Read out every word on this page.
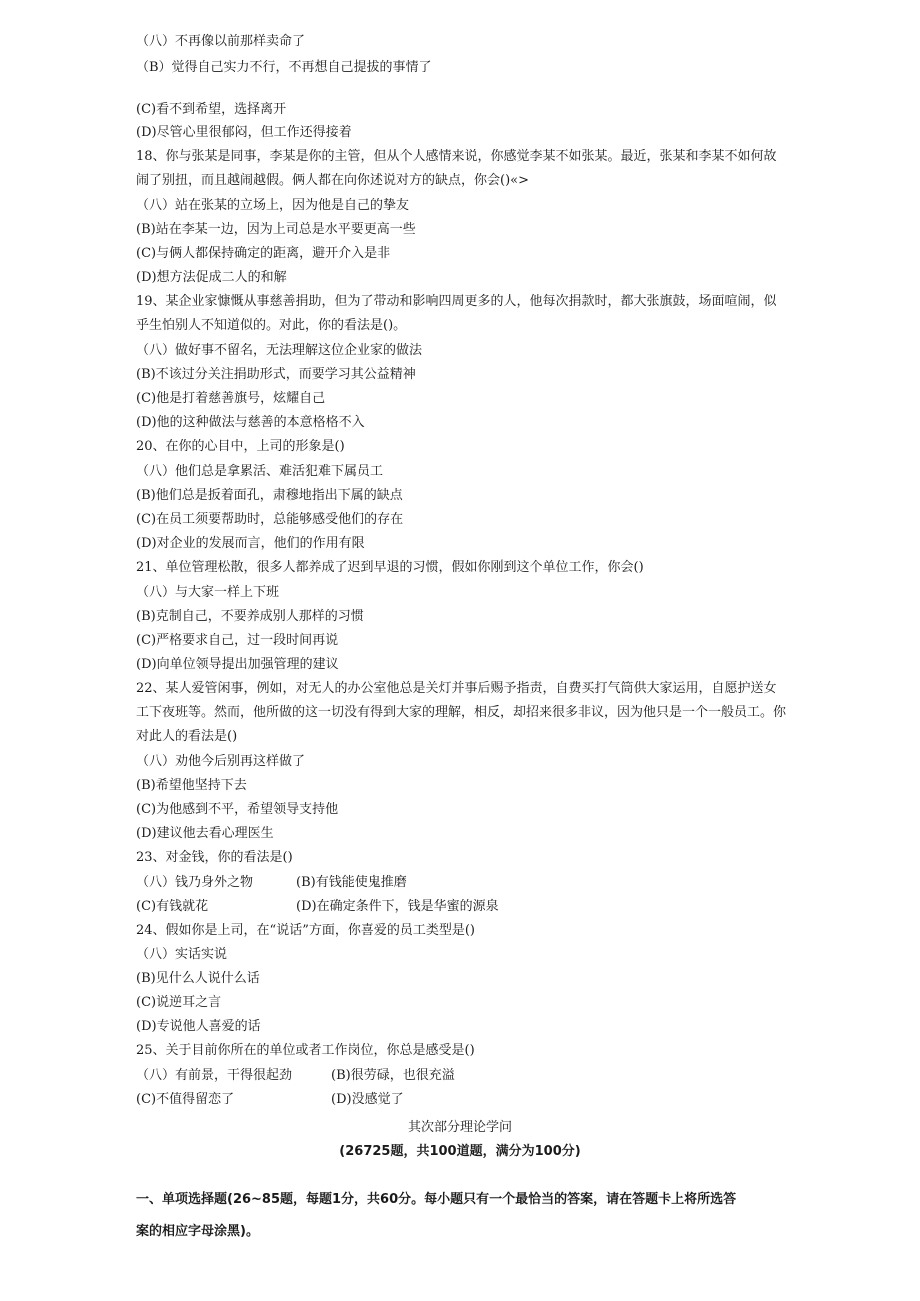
（八）不再像以前那样卖命了
（B）觉得自己实力不行，不再想自己提拔的事情了
(C)看不到希望，选择离开
(D)尽管心里很郁闷，但工作还得接着
18、你与张某是同事，李某是你的主管，但从个人感情来说，你感觉李某不如张某。最近，张某和李某不如何故闹了别扭，而且越闹越假。俩人都在向你述说对方的缺点，你会()«>
（八）站在张某的立场上，因为他是自己的挚友
(B)站在李某一边，因为上司总是水平要更高一些
(C)与俩人都保持确定的距离，避开介入是非
(D)想方法促成二人的和解
19、某企业家慷慨从事慈善捐助，但为了带动和影响四周更多的人，他每次捐款时，都大张旗鼓，场面喧闹，似乎生怕别人不知道似的。对此，你的看法是()。
（八）做好事不留名，无法理解这位企业家的做法
(B)不该过分关注捐助形式，而要学习其公益精神
(C)他是打着慈善旗号，炫耀自己
(D)他的这种做法与慈善的本意格格不入
20、在你的心目中，上司的形象是()
（八）他们总是拿累活、难活犯难下属员工
(B)他们总是扳着面孔，肃穆地指出下属的缺点
(C)在员工须要帮助时，总能够感受他们的存在
(D)对企业的发展而言，他们的作用有限
21、单位管理松散，很多人都养成了迟到早退的习惯，假如你刚到这个单位工作，你会()
（八）与大家一样上下班
(B)克制自己，不要养成别人那样的习惯
(C)严格要求自己，过一段时间再说
(D)向单位领导提出加强管理的建议
22、某人爱管闲事，例如，对无人的办公室他总是关灯并事后赐予指责，自费买打气筒供大家运用，自愿护送女工下夜班等。然而，他所做的这一切没有得到大家的理解，相反，却招来很多非议，因为他只是一个一般员工。你对此人的看法是()
（八）劝他今后别再这样做了
(B)希望他坚持下去
(C)为他感到不平，希望领导支持他
(D)建议他去看心理医生
23、对金钱，你的看法是()
（八）钱乃身外之物	(B)有钱能使鬼推磨
(C)有钱就花	(D)在确定条件下，钱是华蜜的源泉
24、假如你是上司，在“说话”方面，你喜爱的员工类型是()
（八）实话实说
(B)见什么人说什么话
(C)说逆耳之言
(D)专说他人喜爱的话
25、关于目前你所在的单位或者工作岗位，你总是感受是()
（八）有前景，干得很起劲	(B)很劳碌，也很充溢
(C)不值得留恋了	(D)没感觉了
其次部分理论学问
(26725题，共100道题，满分为100分)
一、单项选择题(26~85题，每题1分，共60分。每小题只有一个最恰当的答案，请在答题卡上将所选答
案的相应字母涂黑)。
